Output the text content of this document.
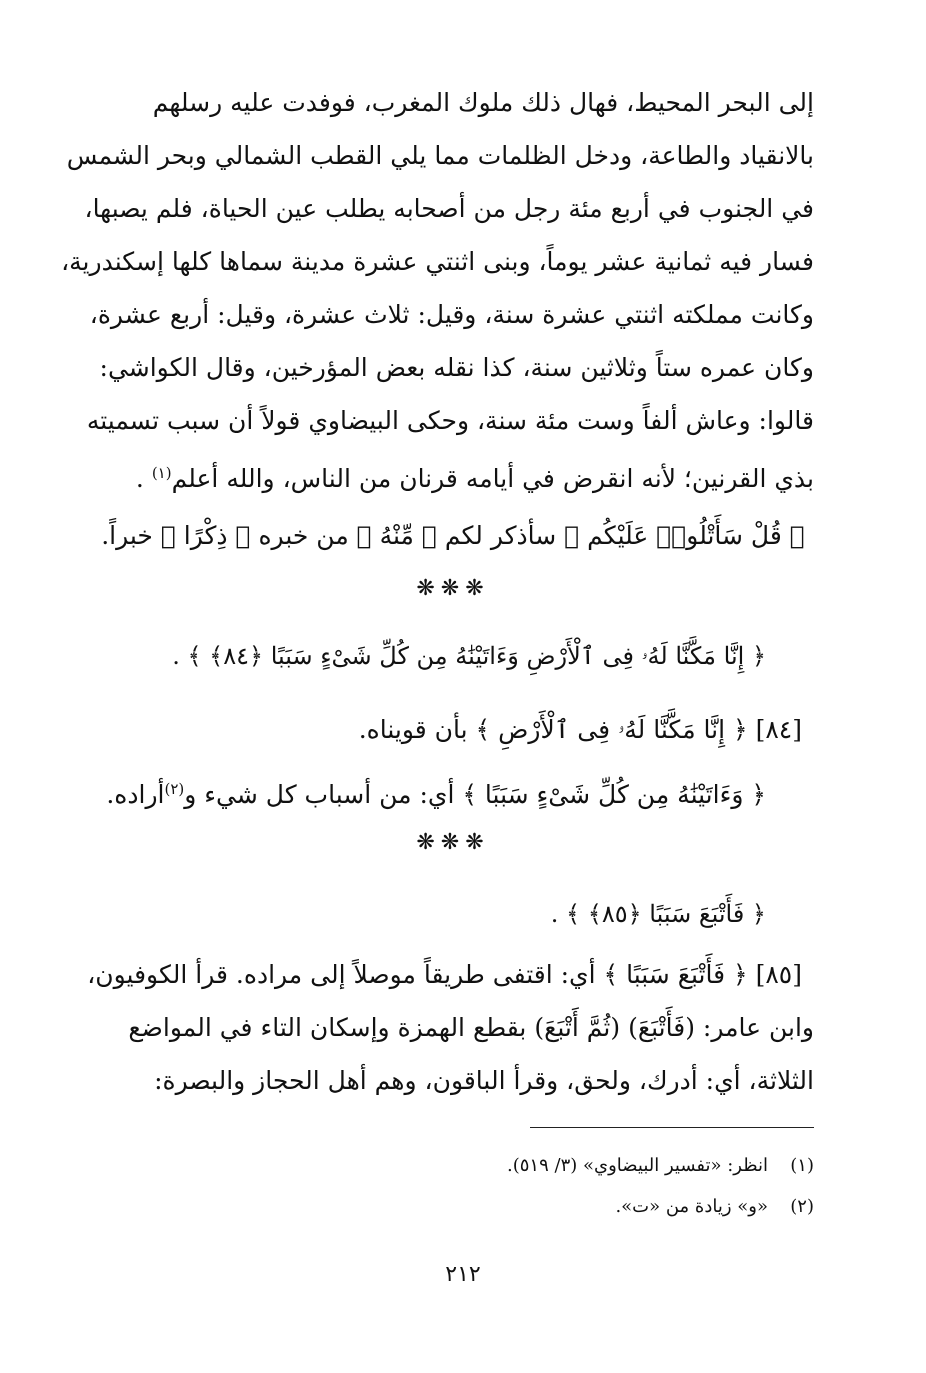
إلى البحر المحيط، فهال ذلك ملوك المغرب، فوفدت عليه رسلهم
بالانقياد والطاعة، ودخل الظلمات مما يلي القطب الشمالي وبحر الشمس
في الجنوب في أربع مئة رجل من أصحابه يطلب عين الحياة، فلم يصبها،
فسار فيه ثمانية عشر يوماً، وبنى اثنتي عشرة مدينة سماها كلها إسكندرية،
وكانت مملكته اثنتي عشرة سنة، وقيل: ثلاث عشرة، وقيل: أربع عشرة،
وكان عمره ستاً وثلاثين سنة، كذا نقله بعض المؤرخين، وقال الكواشي:
قالوا: وعاش ألفاً وست مئة سنة، وحكى البيضاوي قولاً أن سبب تسميته
بذي القرنين؛ لأنه انقرض في أيامه قرنان من الناس، والله أعلم$^{(١)}$ .
﴿ قُلْ سَأَتْلُوا۟ عَلَيْكُم ﴾ سأذكر لكم ﴿ مِّنْهُ ﴾ من خبره ﴿ ذِكْرًا ﴾ خبراً.
❋❋❋
﴿ إِنَّا مَكَّنَّا لَهُۥ فِى ٱلْأَرْضِ وَءَاتَيْنَٰهُ مِن كُلِّ شَىْءٍ سَبَبًا ﴿٨٤﴾ ﴾ .
[٨٤] ﴿ إِنَّا مَكَّنَّا لَهُۥ فِى ٱلْأَرْضِ ﴾ بأن قويناه.
﴿ وَءَاتَيْنَٰهُ مِن كُلِّ شَىْءٍ سَبَبًا ﴾ أي: من أسباب كل شيء و$^{(٢)}$أراده.
❋❋❋
﴿ فَأَتْبَعَ سَبَبًا ﴿٨٥﴾ ﴾ .
[٨٥] ﴿ فَأَتْبَعَ سَبَبًا ﴾ أي: اقتفى طريقاً موصلاً إلى مراده. قرأ الكوفيون،
وابن عامر: (فَأَتْبَعَ) (ثُمَّ أَتْبَعَ) بقطع الهمزة وإسكان التاء في المواضع
الثلاثة، أي: أدرك، ولحق، وقرأ الباقون، وهم أهل الحجاز والبصرة:
(١)انظر: «تفسير البيضاوي» (٣/ ٥١٩).
(٢)«و» زيادة من «ت».
٢١٢
